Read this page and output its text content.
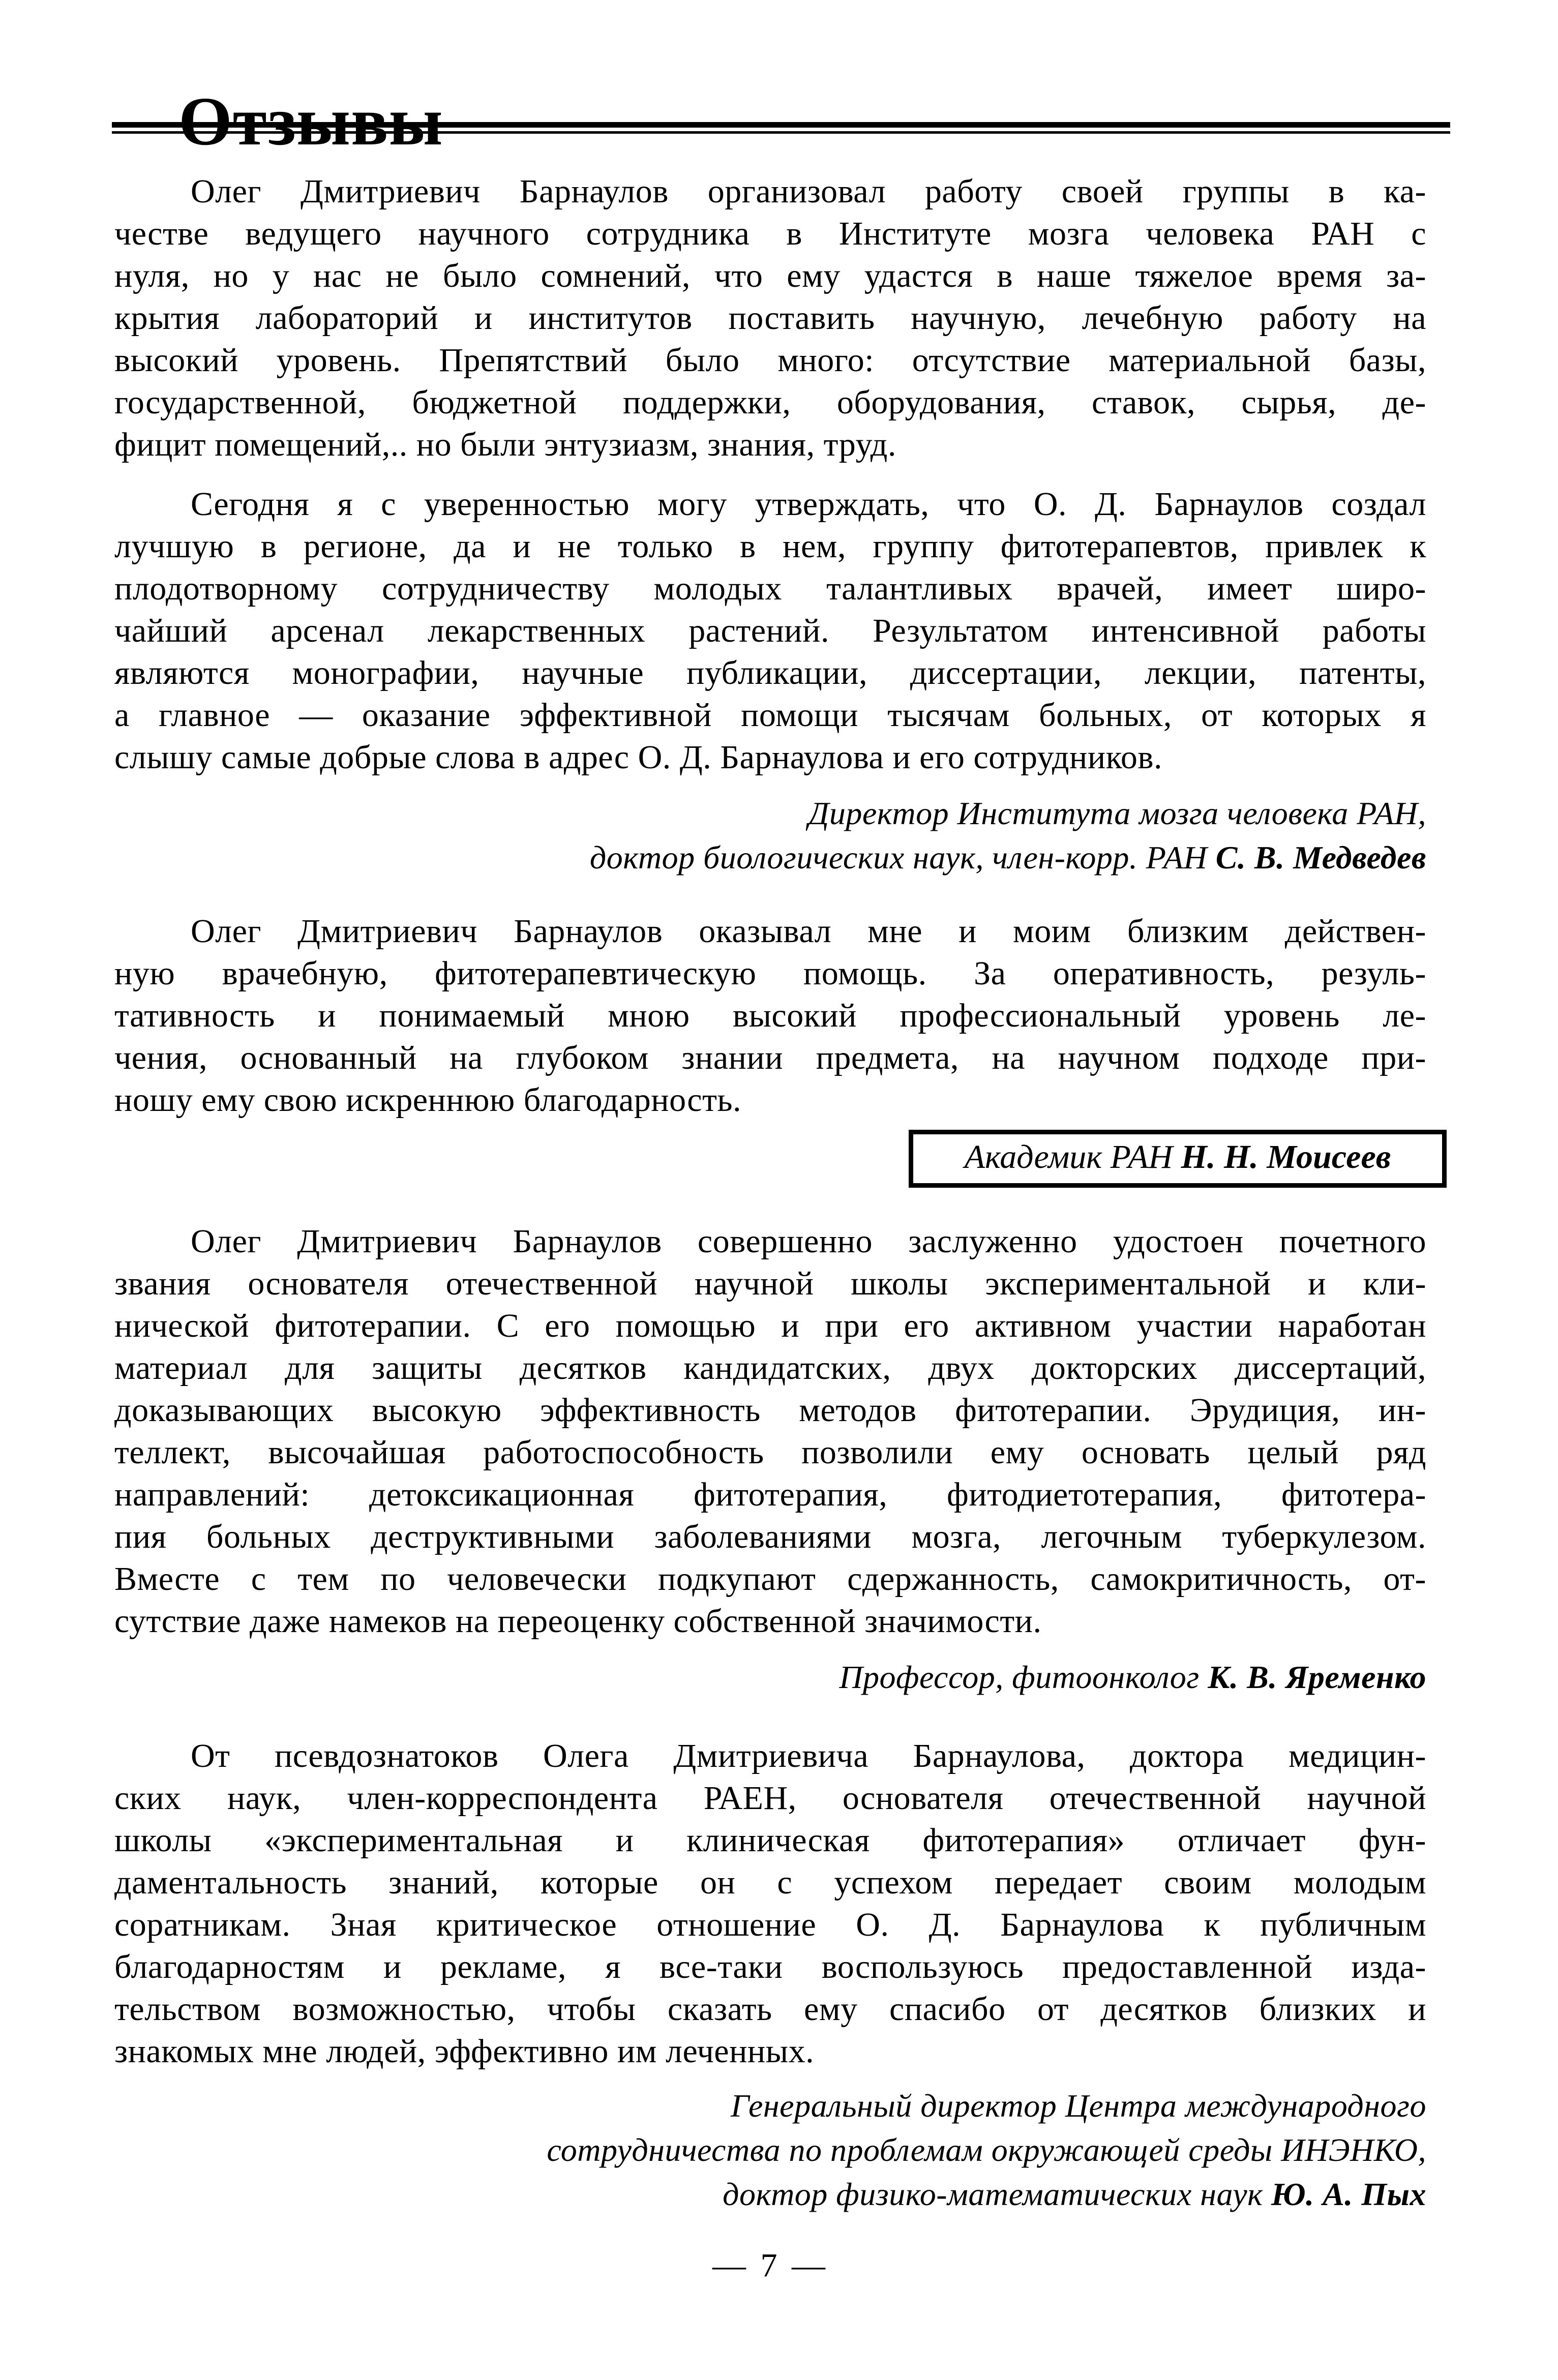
Отзывы
Олег Дмитриевич Барнаулов организовал работу своей группы в ка-
честве ведущего научного сотрудника в Институте мозга человека РАН с
нуля, но у нас не было сомнений, что ему удастся в наше тяжелое время за-
крытия лабораторий и институтов поставить научную, лечебную работу на
высокий уровень. Препятствий было много: отсутствие материальной базы,
государственной, бюджетной поддержки, оборудования, ставок, сырья, де-
фицит помещений,.. но были энтузиазм, знания, труд.
Сегодня я с уверенностью могу утверждать, что О. Д. Барнаулов создал
лучшую в регионе, да и не только в нем, группу фитотерапевтов, привлек к
плодотворному сотрудничеству молодых талантливых врачей, имеет широ-
чайший арсенал лекарственных растений. Результатом интенсивной работы
являются монографии, научные публикации, диссертации, лекции, патенты,
а главное — оказание эффективной помощи тысячам больных, от которых я
слышу самые добрые слова в адрес О. Д. Барнаулова и его сотрудников.
Директор Института мозга человека РАН,
доктор биологических наук, член-корр. РАН С. В. Медведев
Олег Дмитриевич Барнаулов оказывал мне и моим близким действен-
ную врачебную, фитотерапевтическую помощь. За оперативность, резуль-
тативность и понимаемый мною высокий профессиональный уровень ле-
чения, основанный на глубоком знании предмета, на научном подходе при-
ношу ему свою искреннюю благодарность.
Академик РАН Н. Н. Моисеев
Олег Дмитриевич Барнаулов совершенно заслуженно удостоен почетного
звания основателя отечественной научной школы экспериментальной и кли-
нической фитотерапии. С его помощью и при его активном участии наработан
материал для защиты десятков кандидатских, двух докторских диссертаций,
доказывающих высокую эффективность методов фитотерапии. Эрудиция, ин-
теллект, высочайшая работоспособность позволили ему основать целый ряд
направлений: детоксикационная фитотерапия, фитодиетотерапия, фитотера-
пия больных деструктивными заболеваниями мозга, легочным туберкулезом.
Вместе с тем по человечески подкупают сдержанность, самокритичность, от-
сутствие даже намеков на переоценку собственной значимости.
Профессор, фитоонколог К. В. Яременко
От псевдознатоков Олега Дмитриевича Барнаулова, доктора медицин-
ских наук, член-корреспондента РАЕН, основателя отечественной научной
школы «экспериментальная и клиническая фитотерапия» отличает фун-
даментальность знаний, которые он с успехом передает своим молодым
соратникам. Зная критическое отношение О. Д. Барнаулова к публичным
благодарностям и рекламе, я все-таки воспользуюсь предоставленной изда-
тельством возможностью, чтобы сказать ему спасибо от десятков близких и
знакомых мне людей, эффективно им леченных.
Генеральный директор Центра международного
сотрудничества по проблемам окружающей среды ИНЭНКО,
доктор физико-математических наук Ю. А. Пых
— 7 —
